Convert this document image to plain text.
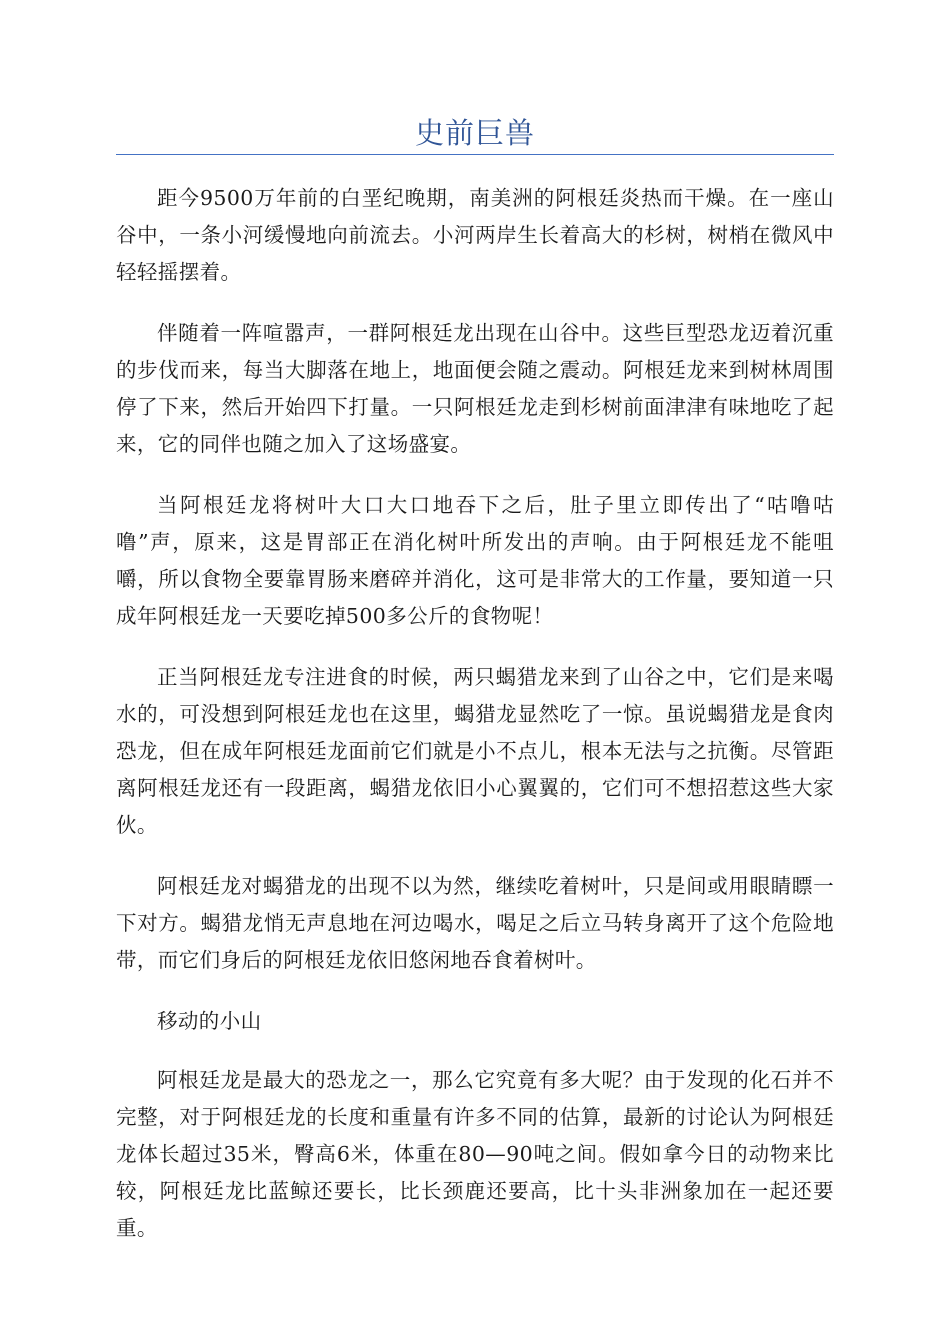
史前巨兽

距今9500万年前的白垩纪晚期，南美洲的阿根廷炎热而干燥。在一座山谷中，一条小河缓慢地向前流去。小河两岸生长着高大的杉树，树梢在微风中轻轻摇摆着。

伴随着一阵喧嚣声，一群阿根廷龙出现在山谷中。这些巨型恐龙迈着沉重的步伐而来，每当大脚落在地上，地面便会随之震动。阿根廷龙来到树林周围停了下来，然后开始四下打量。一只阿根廷龙走到杉树前面津津有味地吃了起来，它的同伴也随之加入了这场盛宴。

当阿根廷龙将树叶大口大口地吞下之后，肚子里立即传出了“咕噜咕噜”声，原来，这是胃部正在消化树叶所发出的声响。由于阿根廷龙不能咀嚼，所以食物全要靠胃肠来磨碎并消化，这可是非常大的工作量，要知道一只成年阿根廷龙一天要吃掉500多公斤的食物呢！

正当阿根廷龙专注进食的时候，两只蝎猎龙来到了山谷之中，它们是来喝水的，可没想到阿根廷龙也在这里，蝎猎龙显然吃了一惊。虽说蝎猎龙是食肉恐龙，但在成年阿根廷龙面前它们就是小不点儿，根本无法与之抗衡。尽管距离阿根廷龙还有一段距离，蝎猎龙依旧小心翼翼的，它们可不想招惹这些大家伙。

阿根廷龙对蝎猎龙的出现不以为然，继续吃着树叶，只是间或用眼睛瞟一下对方。蝎猎龙悄无声息地在河边喝水，喝足之后立马转身离开了这个危险地带，而它们身后的阿根廷龙依旧悠闲地吞食着树叶。

移动的小山

阿根廷龙是最大的恐龙之一，那么它究竟有多大呢？由于发现的化石并不完整，对于阿根廷龙的长度和重量有许多不同的估算，最新的讨论认为阿根廷龙体长超过35米，臀高6米，体重在80—90吨之间。假如拿今日的动物来比较，阿根廷龙比蓝鲸还要长，比长颈鹿还要高，比十头非洲象加在一起还要重。
